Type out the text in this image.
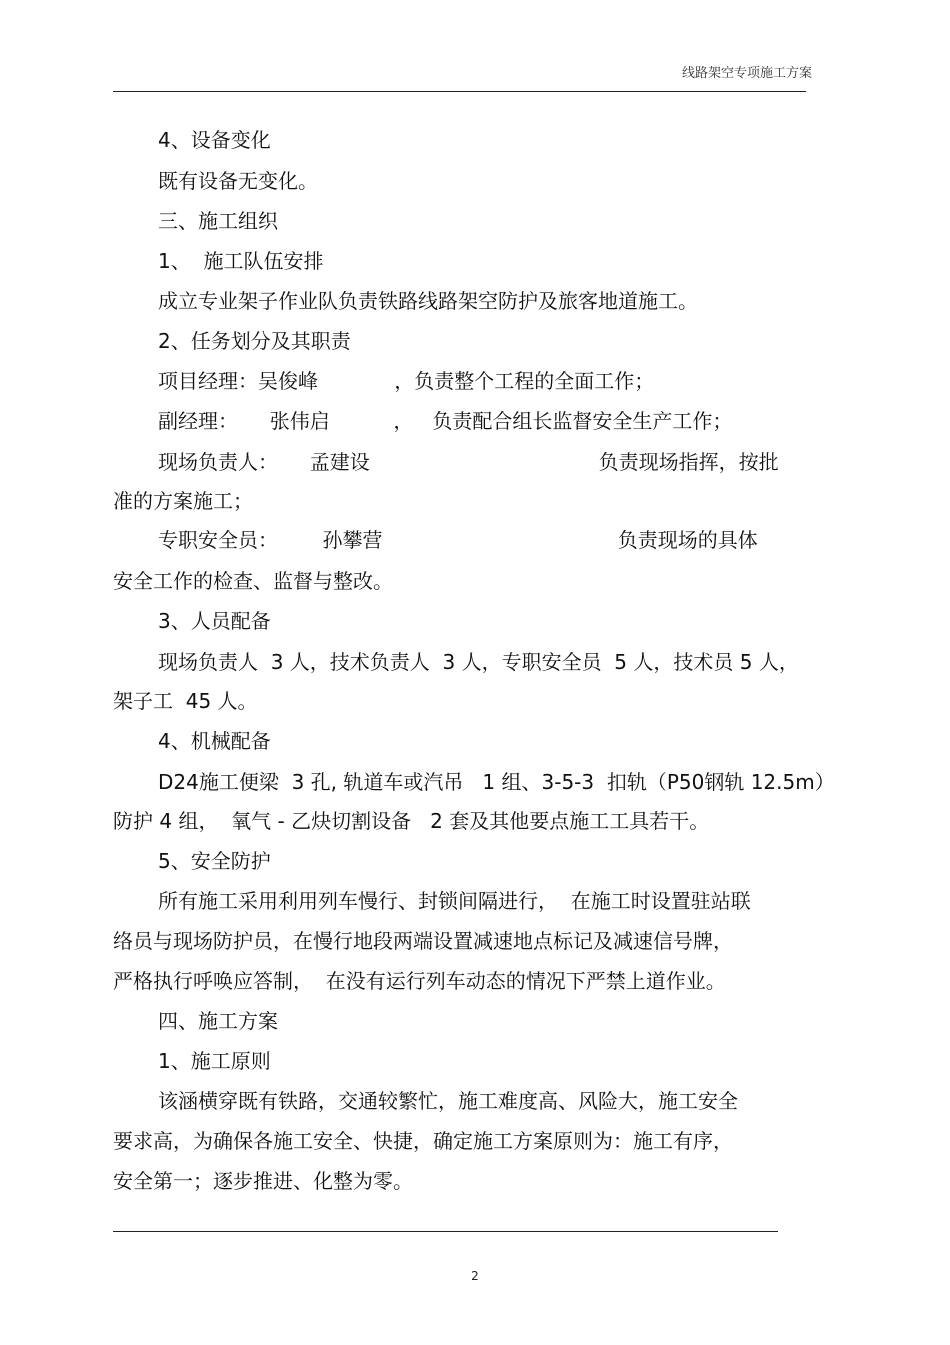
线路架空专项施工方案
4、设备变化
既有设备无变化。
三、施工组织
1、  施工队伍安排
成立专业架子作业队负责铁路线路架空防护及旅客地道施工。
2、任务划分及其职责
项目经理：吴俊峰            ，负责整个工程的全面工作；
副经理：     张伟启          ，   负责配合组长监督安全生产工作；
现场负责人：     孟建设                                    负责现场指挥，按批
准的方案施工；
专职安全员：       孙攀营                                     负责现场的具体
安全工作的检查、监督与整改。
3、人员配备
现场负责人  3 人，技术负责人  3 人，专职安全员  5 人，技术员 5 人，
架子工  45 人。
4、机械配备
D24施工便梁  3 孔, 轨道车或汽吊   1 组、3-5-3  扣轨（P50钢轨 12.5m）
防护 4 组，  氧气 - 乙炔切割设备   2 套及其他要点施工工具若干。
5、安全防护
所有施工采用利用列车慢行、封锁间隔进行，  在施工时设置驻站联
络员与现场防护员，在慢行地段两端设置减速地点标记及减速信号牌，
严格执行呼唤应答制，  在没有运行列车动态的情况下严禁上道作业。
四、施工方案
1、施工原则
该涵横穿既有铁路，交通较繁忙，施工难度高、风险大，施工安全
要求高，为确保各施工安全、快捷，确定施工方案原则为：施工有序，
安全第一；逐步推进、化整为零。
2
